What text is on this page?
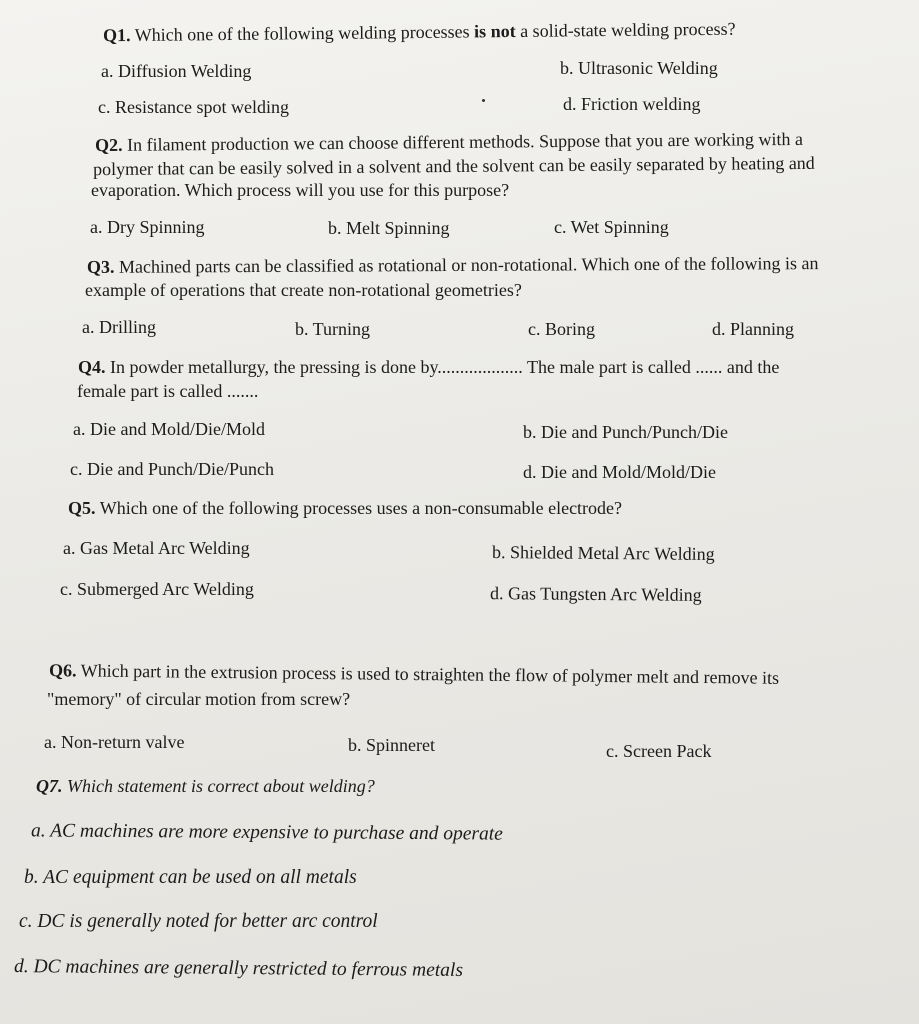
Q1. Which one of the following welding processes is not a solid-state welding process?
a. Diffusion Welding	b. Ultrasonic Welding
c. Resistance spot welding	d. Friction welding
Q2. In filament production we can choose different methods. Suppose that you are working with a
polymer that can be easily solved in a solvent and the solvent can be easily separated by heating and
evaporation. Which process will you use for this purpose?
a. Dry Spinning	b. Melt Spinning	c. Wet Spinning
Q3. Machined parts can be classified as rotational or non-rotational. Which one of the following is an
example of operations that create non-rotational geometries?
a. Drilling	b. Turning	c. Boring	d. Planning
Q4. In powder metallurgy, the pressing is done by................... The male part is called ...... and the
female part is called .......
a. Die and Mold/Die/Mold	b. Die and Punch/Punch/Die
c. Die and Punch/Die/Punch	d. Die and Mold/Mold/Die
Q5. Which one of the following processes uses a non-consumable electrode?
a. Gas Metal Arc Welding	b. Shielded Metal Arc Welding
c. Submerged Arc Welding	d. Gas Tungsten Arc Welding
Q6. Which part in the extrusion process is used to straighten the flow of polymer melt and remove its
"memory" of circular motion from screw?
a. Non-return valve	b. Spinneret	c. Screen Pack
Q7. Which statement is correct about welding?
a. AC machines are more expensive to purchase and operate
b. AC equipment can be used on all metals
c. DC is generally noted for better arc control
d. DC machines are generally restricted to ferrous metals
